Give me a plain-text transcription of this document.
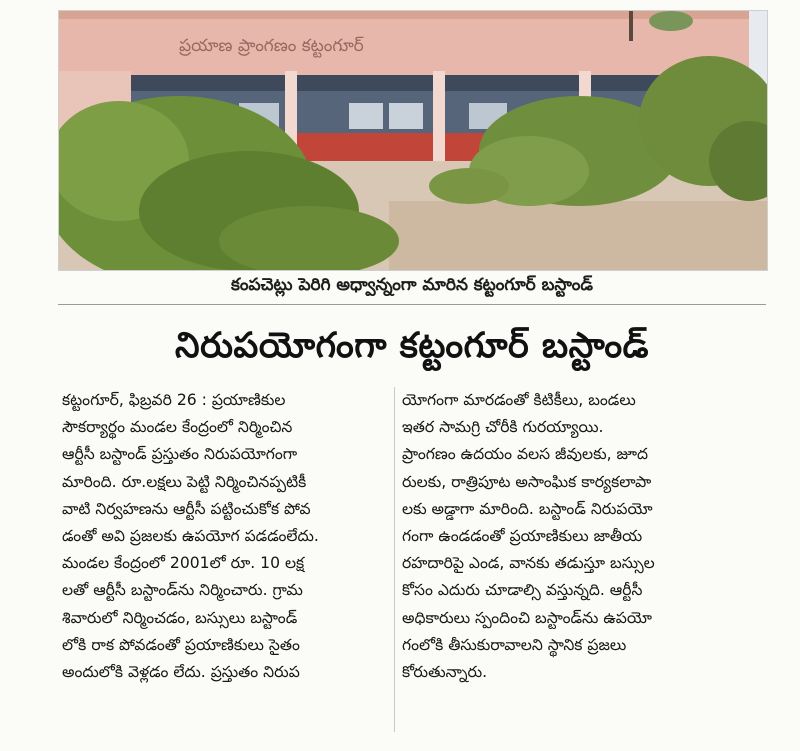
ప్రయాణ ప్రాంగణం కట్టంగూర్
కంపచెట్లు పెరిగి అధ్వాన్నంగా మారిన కట్టంగూర్ బస్టాండ్
నిరుపయోగంగా కట్టంగూర్ బస్టాండ్
కట్టంగూర్, ఫిబ్రవరి 26 : ప్రయాణికుల
సౌకర్యార్థం మండల కేంద్రంలో నిర్మించిన
ఆర్టీసీ బస్టాండ్ ప్రస్తుతం నిరుపయోగంగా
మారింది. రూ.లక్షలు పెట్టి నిర్మించినప్పటికీ
వాటి నిర్వహణను ఆర్టీసీ పట్టించుకోక పోవ
డంతో అవి ప్రజలకు ఉపయోగ పడడంలేదు.
మండల కేంద్రంలో 2001లో రూ. 10 లక్ష
లతో ఆర్టీసీ బస్టాండ్‌ను నిర్మించారు. గ్రామ
శివారులో నిర్మించడం, బస్సులు బస్టాండ్
లోకి రాక పోవడంతో ప్రయాణికులు సైతం
అందులోకి వెళ్లడం లేదు. ప్రస్తుతం నిరుప
యోగంగా మారడంతో కిటికీలు, బండలు
ఇతర సామగ్రి చోరీకి గురయ్యాయి.
ప్రాంగణం ఉదయం వలస జీవులకు, జూద
రులకు, రాత్రిపూట అసాంఘిక కార్యకలాపా
లకు అడ్డాగా మారింది. బస్టాండ్ నిరుపయో
గంగా ఉండడంతో ప్రయాణికులు జాతీయ
రహదారిపై ఎండ, వానకు తడుస్తూ బస్సుల
కోసం ఎదురు చూడాల్సి వస్తున్నది. ఆర్టీసీ
అధికారులు స్పందించి బస్టాండ్‌ను ఉపయో
గంలోకి తీసుకురావాలని స్థానిక ప్రజలు
కోరుతున్నారు.
